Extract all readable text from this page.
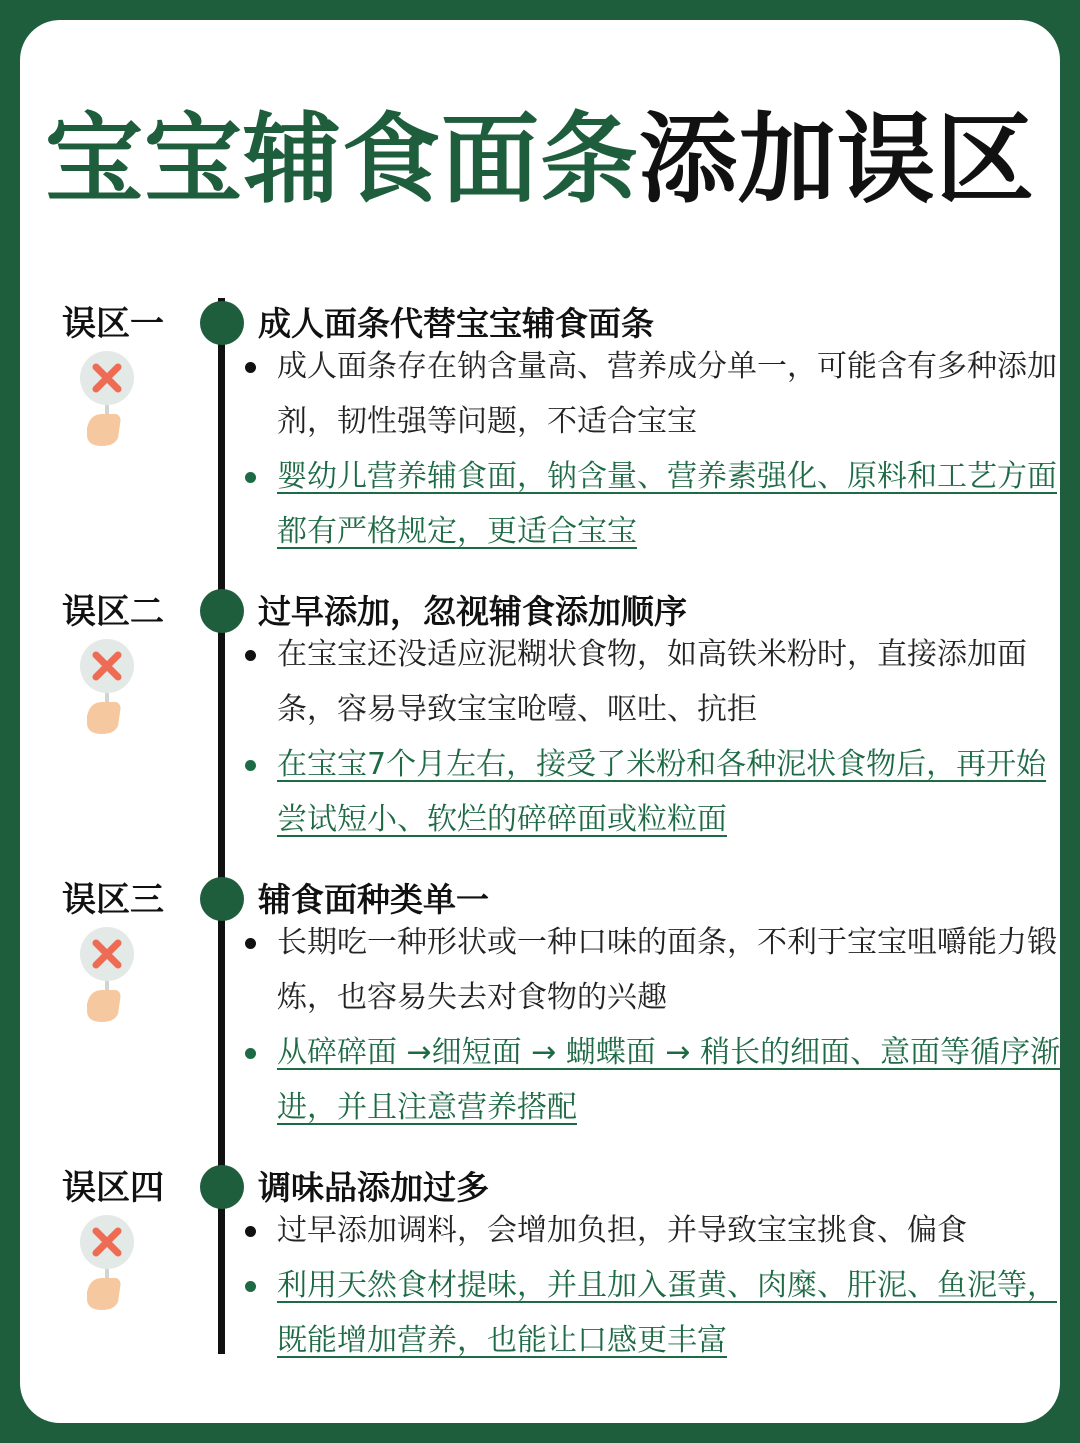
宝宝辅食面条添加误区
误区一	成人面条代替宝宝辅食面条
成人面条存在钠含量高、营养成分单一，可能含有多种添加剂，韧性强等问题，不适合宝宝
婴幼儿营养辅食面，钠含量、营养素强化、原料和工艺方面都有严格规定，更适合宝宝
误区二	过早添加，忽视辅食添加顺序
在宝宝还没适应泥糊状食物，如高铁米粉时，直接添加面条，容易导致宝宝呛噎、呕吐、抗拒
在宝宝7个月左右，接受了米粉和各种泥状食物后，再开始尝试短小、软烂的碎碎面或粒粒面
误区三	辅食面种类单一
长期吃一种形状或一种口味的面条，不利于宝宝咀嚼能力锻炼，也容易失去对食物的兴趣
从碎碎面 →细短面 → 蝴蝶面 → 稍长的细面、意面等循序渐进，并且注意营养搭配
误区四	调味品添加过多
过早添加调料，会增加负担，并导致宝宝挑食、偏食
利用天然食材提味，并且加入蛋黄、肉糜、肝泥、鱼泥等，既能增加营养，也能让口感更丰富
